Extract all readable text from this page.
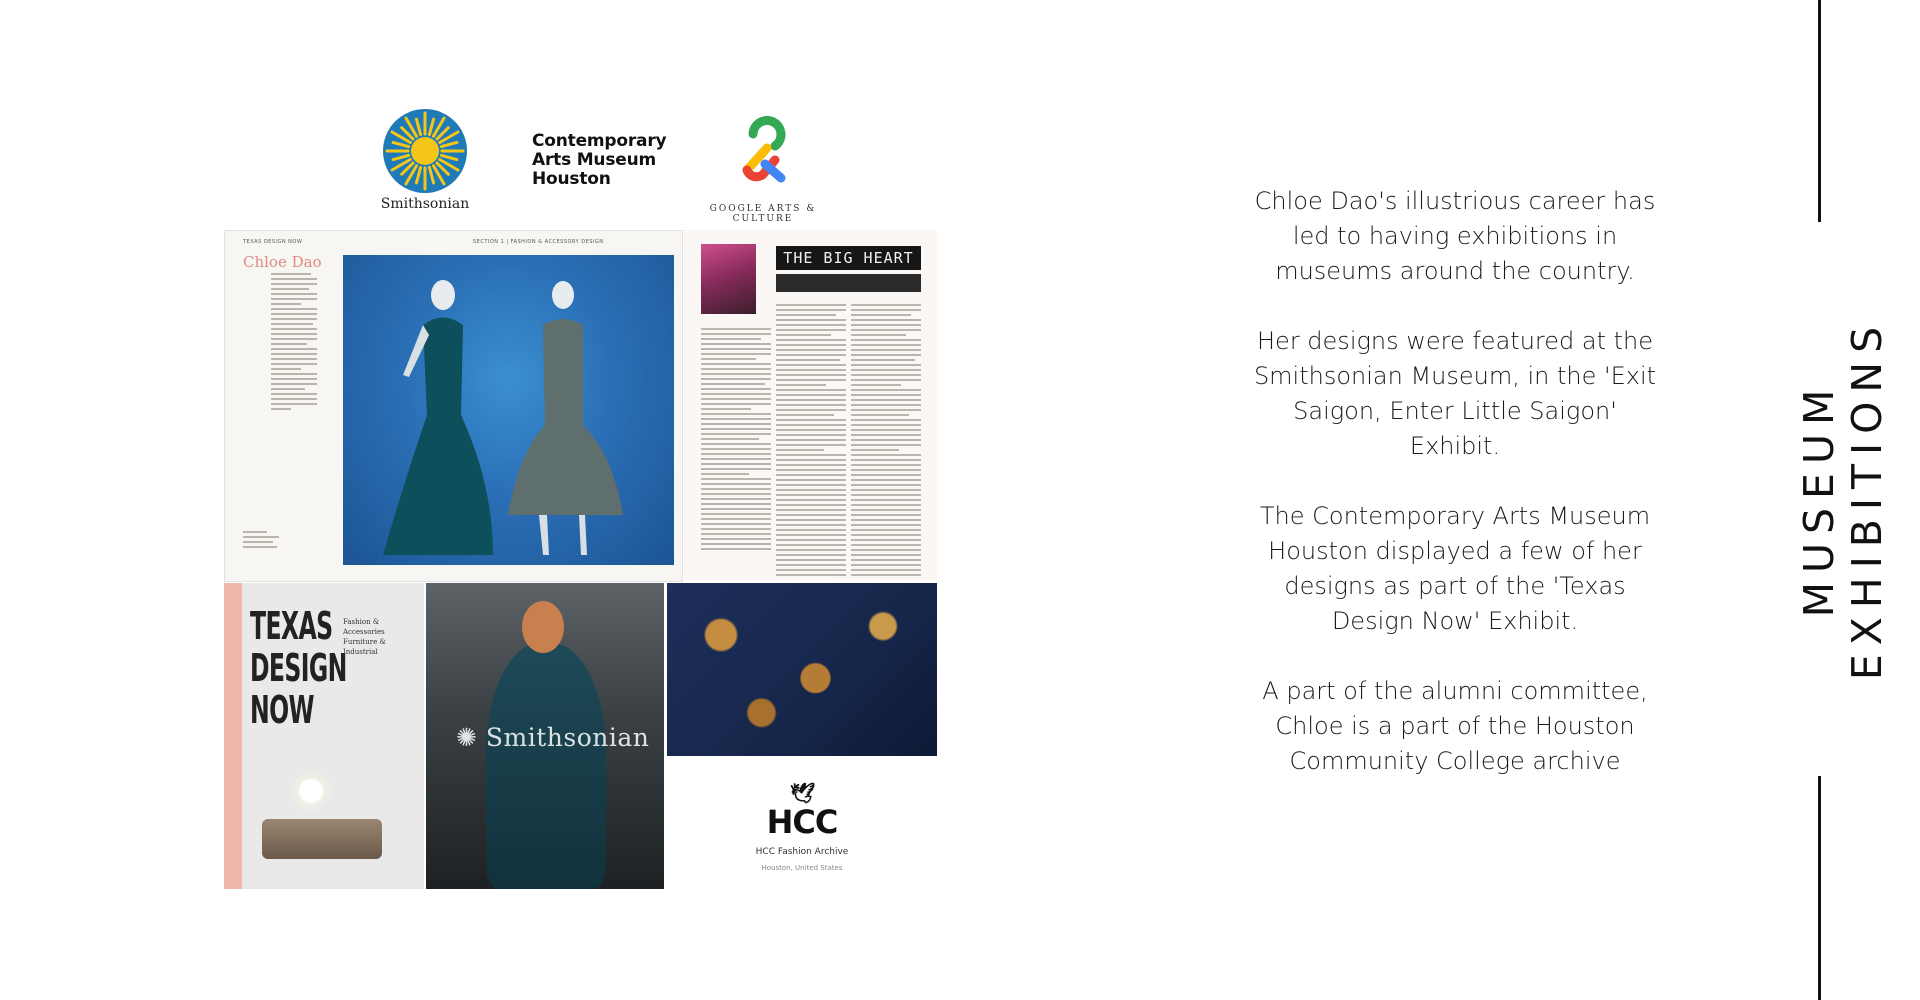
Smithsonian
Contemporary
Arts Museum
Houston
GOOGLE ARTS & CULTURE
TEXAS DESIGN NOW	SECTION 1 | FASHION & ACCESSORY DESIGN
Chloe Dao	THE BIG HEART
TEXAS
DESIGN
NOW
Fashion &
Accessories
Furniture &
Industrial
✺ Smithsonian
🕊
HCC
HCC Fashion Archive
Houston, United States

Chloe Dao's illustrious career has led to having exhibitions in museums around the country.

Her designs were featured at the Smithsonian Museum, in the 'Exit Saigon, Enter Little Saigon' Exhibit.

The Contemporary Arts Museum Houston displayed a few of her designs as part of the 'Texas Design Now' Exhibit.

A part of the alumni committee, Chloe is a part of the Houston Community College archive

MUSEUM EXHIBITIONS
